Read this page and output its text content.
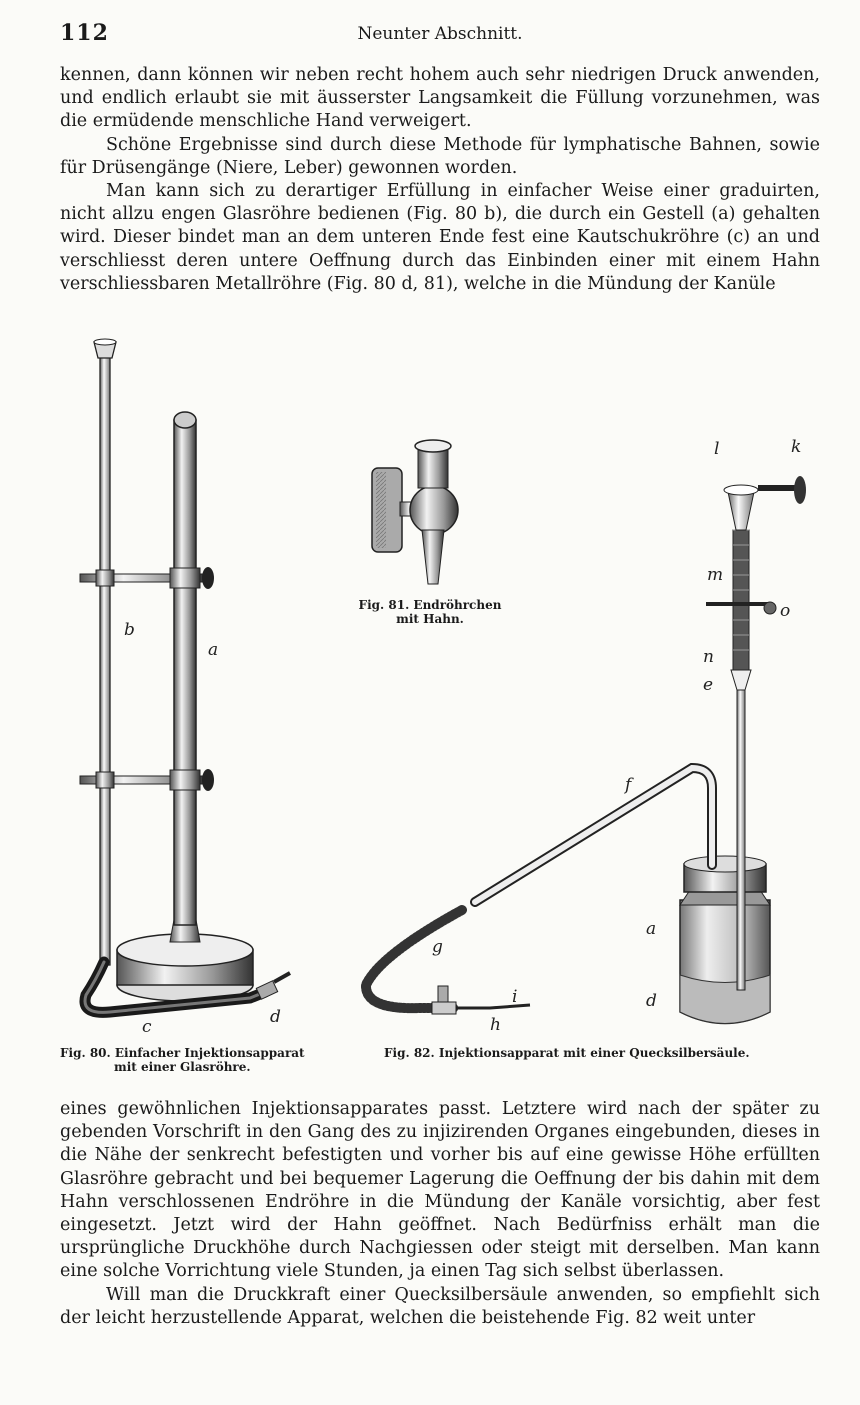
112	Neunter Abschnitt.

kennen, dann können wir neben recht hohem auch sehr niedrigen Druck anwenden, und endlich erlaubt sie mit äusserster Langsamkeit die Füllung vorzunehmen, was die ermüdende menschliche Hand verweigert.

Schöne Ergebnisse sind durch diese Methode für lymphatische Bahnen, sowie für Drüsengänge (Niere, Leber) gewonnen worden.

Man kann sich zu derartiger Erfüllung in einfacher Weise einer graduirten, nicht allzu engen Glasröhre bedienen (Fig. 80 b), die durch ein Gestell (a) gehalten wird. Dieser bindet man an dem unteren Ende fest eine Kautschukröhre (c) an und verschliesst deren untere Oeffnung durch das Einbinden einer mit einem Hahn verschliessbaren Metallröhre (Fig. 80 d, 81), welche in die Mündung der Kanüle

b
a
c	d
l	k
m
o
n
e
f
a
d
g
i
h
Fig. 80. Einfacher Injektionsapparat
mit einer Glasröhre.
Fig. 81. Endröhrchen
mit Hahn.
Fig. 82. Injektionsapparat mit einer Quecksilbersäule.

eines gewöhnlichen Injektionsapparates passt. Letztere wird nach der später zu gebenden Vorschrift in den Gang des zu injizirenden Organes eingebunden, dieses in die Nähe der senkrecht befestigten und vorher bis auf eine gewisse Höhe erfüllten Glasröhre gebracht und bei bequemer Lagerung die Oeffnung der bis dahin mit dem Hahn verschlossenen Endröhre in die Mündung der Kanäle vorsichtig, aber fest eingesetzt. Jetzt wird der Hahn geöffnet. Nach Bedürfniss erhält man die ursprüngliche Druckhöhe durch Nachgiessen oder steigt mit derselben. Man kann eine solche Vorrichtung viele Stunden, ja einen Tag sich selbst überlassen.

Will man die Druckkraft einer Quecksilbersäule anwenden, so empfiehlt sich der leicht herzustellende Apparat, welchen die beistehende Fig. 82 weit unter
